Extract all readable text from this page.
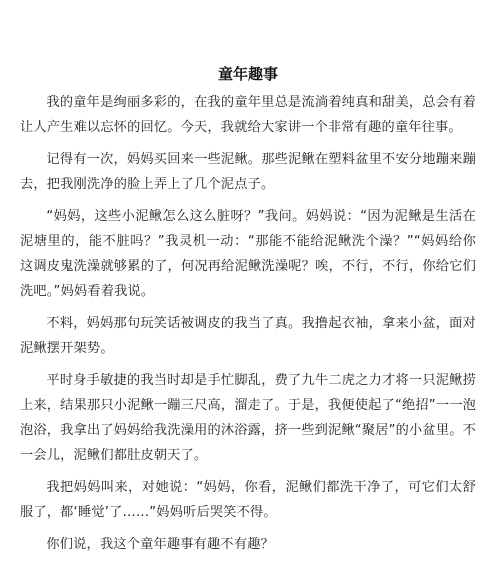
童年趣事

我的童年是绚丽多彩的，在我的童年里总是流淌着纯真和甜美，总会有着让人产生难以忘怀的回忆。今天，我就给大家讲一个非常有趣的童年往事。

记得有一次，妈妈买回来一些泥鳅。那些泥鳅在塑料盆里不安分地蹦来蹦去，把我刚洗净的脸上弄上了几个泥点子。

“妈妈，这些小泥鳅怎么这么脏呀？”我问。妈妈说：“因为泥鳅是生活在泥塘里的，能不脏吗？”我灵机一动：“那能不能给泥鳅洗个澡？”“妈妈给你这调皮鬼洗澡就够累的了，何况再给泥鳅洗澡呢？唉，不行，不行，你给它们洗吧。”妈妈看着我说。

不料，妈妈那句玩笑话被调皮的我当了真。我撸起衣袖，拿来小盆，面对泥鳅摆开架势。

平时身手敏捷的我当时却是手忙脚乱，费了九牛二虎之力才将一只泥鳅捞上来，结果那只小泥鳅一蹦三尺高，溜走了。于是，我便使起了“绝招”一一泡泡浴，我拿出了妈妈给我洗澡用的沐浴露，挤一些到泥鳅“聚居”的小盆里。不一会儿，泥鳅们都肚皮朝天了。

我把妈妈叫来，对她说：“妈妈，你看，泥鳅们都洗干净了，可它们太舒服了，都‘睡觉’了……”妈妈听后哭笑不得。

你们说，我这个童年趣事有趣不有趣？
